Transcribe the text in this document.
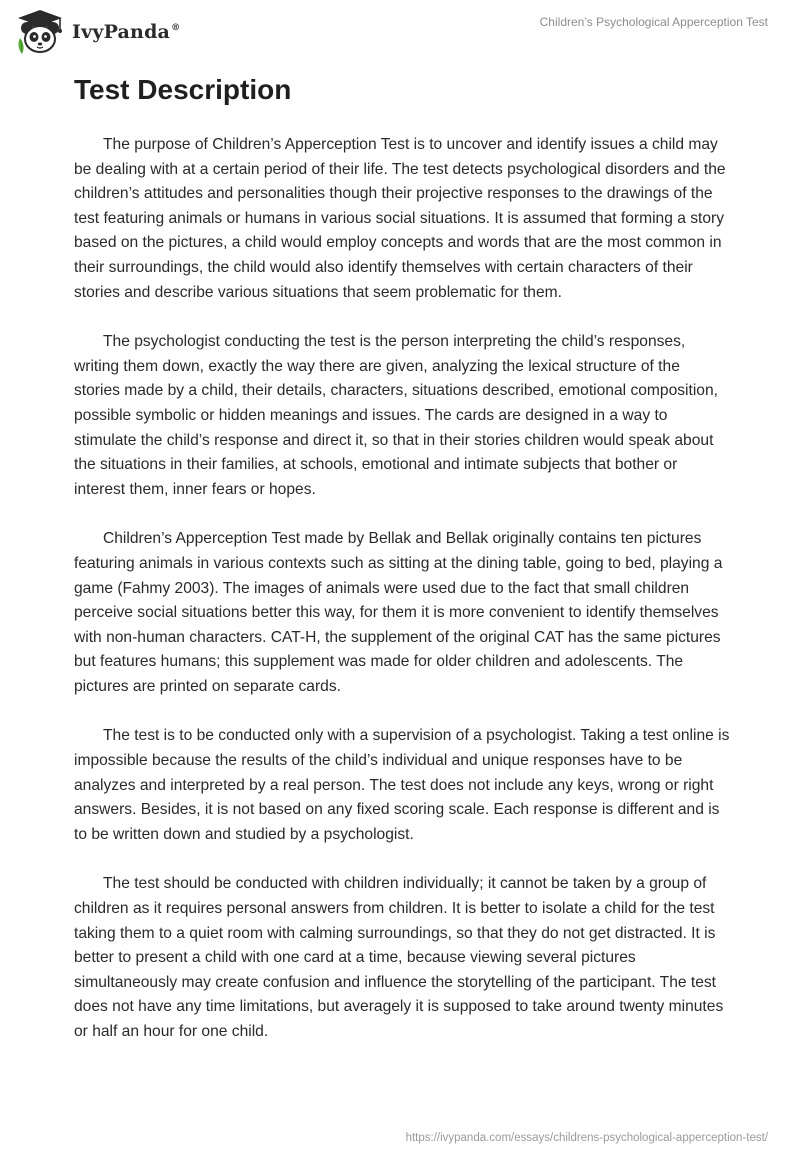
IvyPanda®	Children’s Psychological Apperception Test
Test Description

The purpose of Children’s Apperception Test is to uncover and identify issues a child may be dealing with at a certain period of their life. The test detects psychological disorders and the children’s attitudes and personalities though their projective responses to the drawings of the test featuring animals or humans in various social situations. It is assumed that forming a story based on the pictures, a child would employ concepts and words that are the most common in their surroundings, the child would also identify themselves with certain characters of their stories and describe various situations that seem problematic for them.

The psychologist conducting the test is the person interpreting the child’s responses, writing them down, exactly the way there are given, analyzing the lexical structure of the stories made by a child, their details, characters, situations described, emotional composition, possible symbolic or hidden meanings and issues. The cards are designed in a way to stimulate the child’s response and direct it, so that in their stories children would speak about the situations in their families, at schools, emotional and intimate subjects that bother or interest them, inner fears or hopes.

Children’s Apperception Test made by Bellak and Bellak originally contains ten pictures featuring animals in various contexts such as sitting at the dining table, going to bed, playing a game (Fahmy 2003). The images of animals were used due to the fact that small children perceive social situations better this way, for them it is more convenient to identify themselves with non-human characters. CAT-H, the supplement of the original CAT has the same pictures but features humans; this supplement was made for older children and adolescents. The pictures are printed on separate cards.

The test is to be conducted only with a supervision of a psychologist. Taking a test online is impossible because the results of the child’s individual and unique responses have to be analyzes and interpreted by a real person. The test does not include any keys, wrong or right answers. Besides, it is not based on any fixed scoring scale. Each response is different and is to be written down and studied by a psychologist.

The test should be conducted with children individually; it cannot be taken by a group of children as it requires personal answers from children. It is better to isolate a child for the test taking them to a quiet room with calming surroundings, so that they do not get distracted. It is better to present a child with one card at a time, because viewing several pictures simultaneously may create confusion and influence the storytelling of the participant. The test does not have any time limitations, but averagely it is supposed to take around twenty minutes or half an hour for one child.

https://ivypanda.com/essays/childrens-psychological-apperception-test/
